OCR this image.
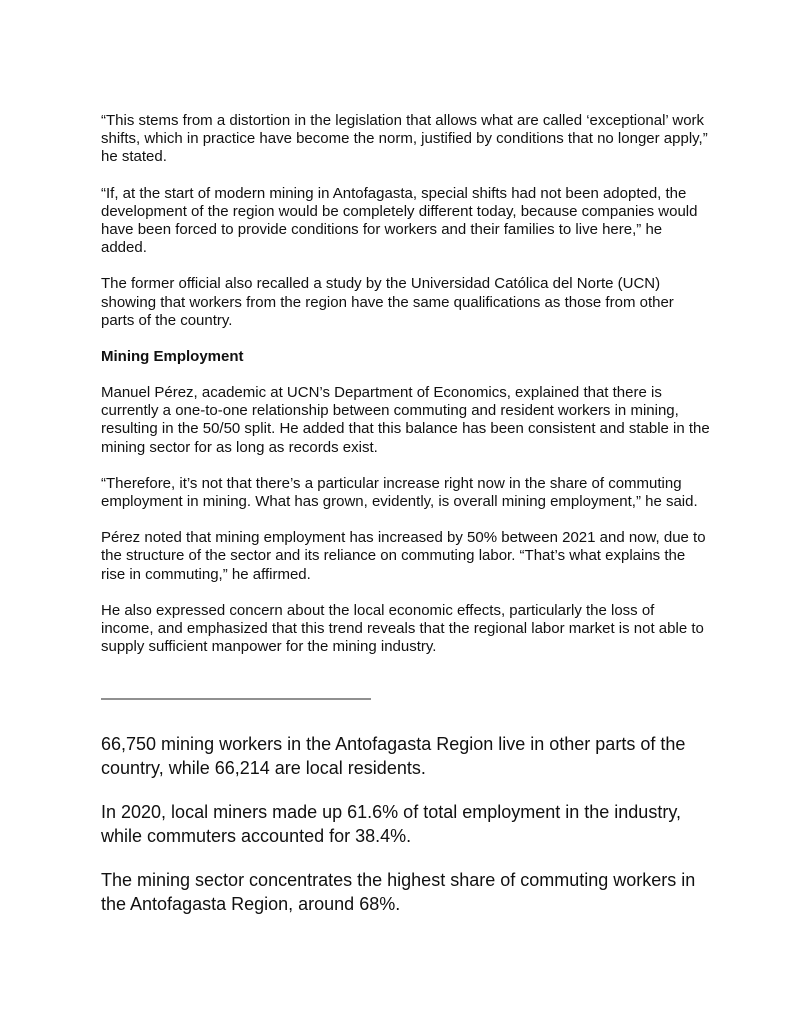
“This stems from a distortion in the legislation that allows what are called ‘exceptional’ work shifts, which in practice have become the norm, justified by conditions that no longer apply,” he stated.

“If, at the start of modern mining in Antofagasta, special shifts had not been adopted, the development of the region would be completely different today, because companies would have been forced to provide conditions for workers and their families to live here,” he added.

The former official also recalled a study by the Universidad Católica del Norte (UCN) showing that workers from the region have the same qualifications as those from other parts of the country.

Mining Employment

Manuel Pérez, academic at UCN’s Department of Economics, explained that there is currently a one-to-one relationship between commuting and resident workers in mining, resulting in the 50/50 split. He added that this balance has been consistent and stable in the mining sector for as long as records exist.

“Therefore, it’s not that there’s a particular increase right now in the share of commuting employment in mining. What has grown, evidently, is overall mining employment,” he said.

Pérez noted that mining employment has increased by 50% between 2021 and now, due to the structure of the sector and its reliance on commuting labor. “That’s what explains the rise in commuting,” he affirmed.

He also expressed concern about the local economic effects, particularly the loss of income, and emphasized that this trend reveals that the regional labor market is not able to supply sufficient manpower for the mining industry.

——————————————————

66,750 mining workers in the Antofagasta Region live in other parts of the country, while 66,214 are local residents.

In 2020, local miners made up 61.6% of total employment in the industry, while commuters accounted for 38.4%.

The mining sector concentrates the highest share of commuting workers in the Antofagasta Region, around 68%.
